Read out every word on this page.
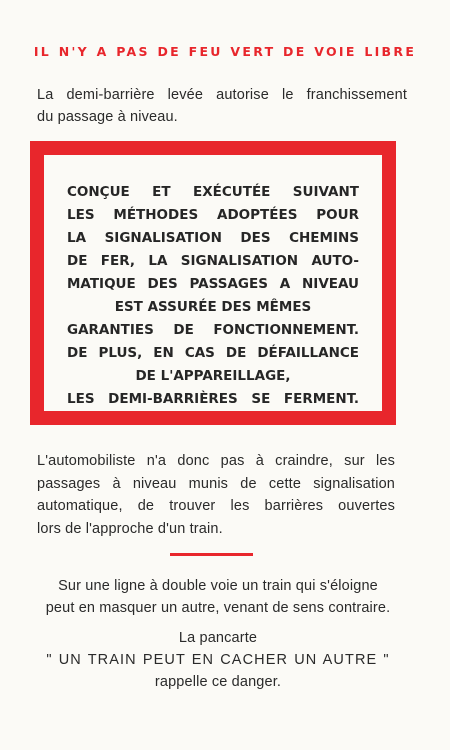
IL N'Y A PAS DE FEU VERT DE VOIE LIBRE
La demi-barrière levée autorise le franchissement
du passage à niveau.
CONÇUE ET EXÉCUTÉE SUIVANT
LES MÉTHODES ADOPTÉES POUR
LA SIGNALISATION DES CHEMINS
DE FER, LA SIGNALISATION AUTO-
MATIQUE DES PASSAGES A NIVEAU
EST ASSURÉE DES MÊMES
GARANTIES DE FONCTIONNEMENT.
DE PLUS, EN CAS DE DÉFAILLANCE
DE L'APPAREILLAGE,
LES DEMI-BARRIÈRES SE FERMENT.
L'automobiliste n'a donc pas à craindre, sur les
passages à niveau munis de cette signalisation
automatique, de trouver les barrières ouvertes
lors de l'approche d'un train.
Sur une ligne à double voie un train qui s'éloigne
peut en masquer un autre, venant de sens contraire.
La pancarte
" UN TRAIN PEUT EN CACHER UN AUTRE "
rappelle ce danger.
